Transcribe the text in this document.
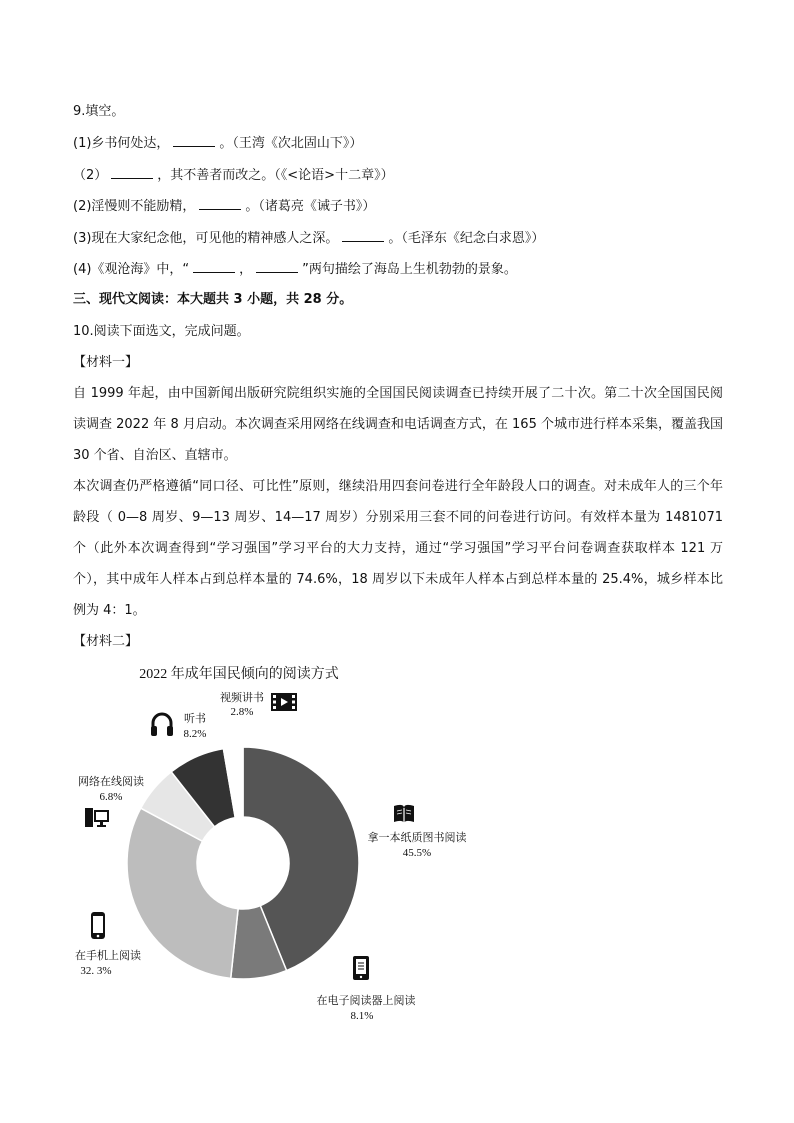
9.填空。
(1)乡书何处达，	。（王湾《次北固山下》）
（2）	，其不善者而改之。（《<论语>十二章》）
(2)淫慢则不能励精，	。（诸葛亮《诫子书》）
(3)现在大家纪念他，可见他的精神感人之深。	。（毛泽东《纪念白求恩》）
(4)《观沧海》中，“	，	”两句描绘了海岛上生机勃勃的景象。
三、现代文阅读：本大题共 3 小题，共 28 分。
10.阅读下面选文，完成问题。
【材料一】
自 1999 年起，由中国新闻出版研究院组织实施的全国国民阅读调查已持续开展了二十次。第二十次全国国民阅读调查 2022 年 8 月启动。本次调查采用网络在线调查和电话调查方式，在 165 个城市进行样本采集，覆盖我国 30 个省、自治区、直辖市。
本次调查仍严格遵循“同口径、可比性”原则，继续沿用四套问卷进行全年龄段人口的调查。对未成年人的三个年龄段（ 0—8 周岁、9—13 周岁、14—17 周岁）分别采用三套不同的问卷进行访问。有效样本量为 1481071 个（此外本次调查得到“学习强国”学习平台的大力支持，通过“学习强国”学习平台问卷调查获取样本 121 万个），其中成年人样本占到总样本量的 74.6%，18 周岁以下未成年人样本占到总样本量的 25.4%，城乡样本比例为 4：1。
【材料二】
2022 年成年国民倾向的阅读方式
拿一本纸质图书阅读
45.5%
在电子阅读器上阅读
8.1%
在手机上阅读
32. 3%
网络在线阅读
6.8%
听书
8.2%
视频讲书
2.8%
